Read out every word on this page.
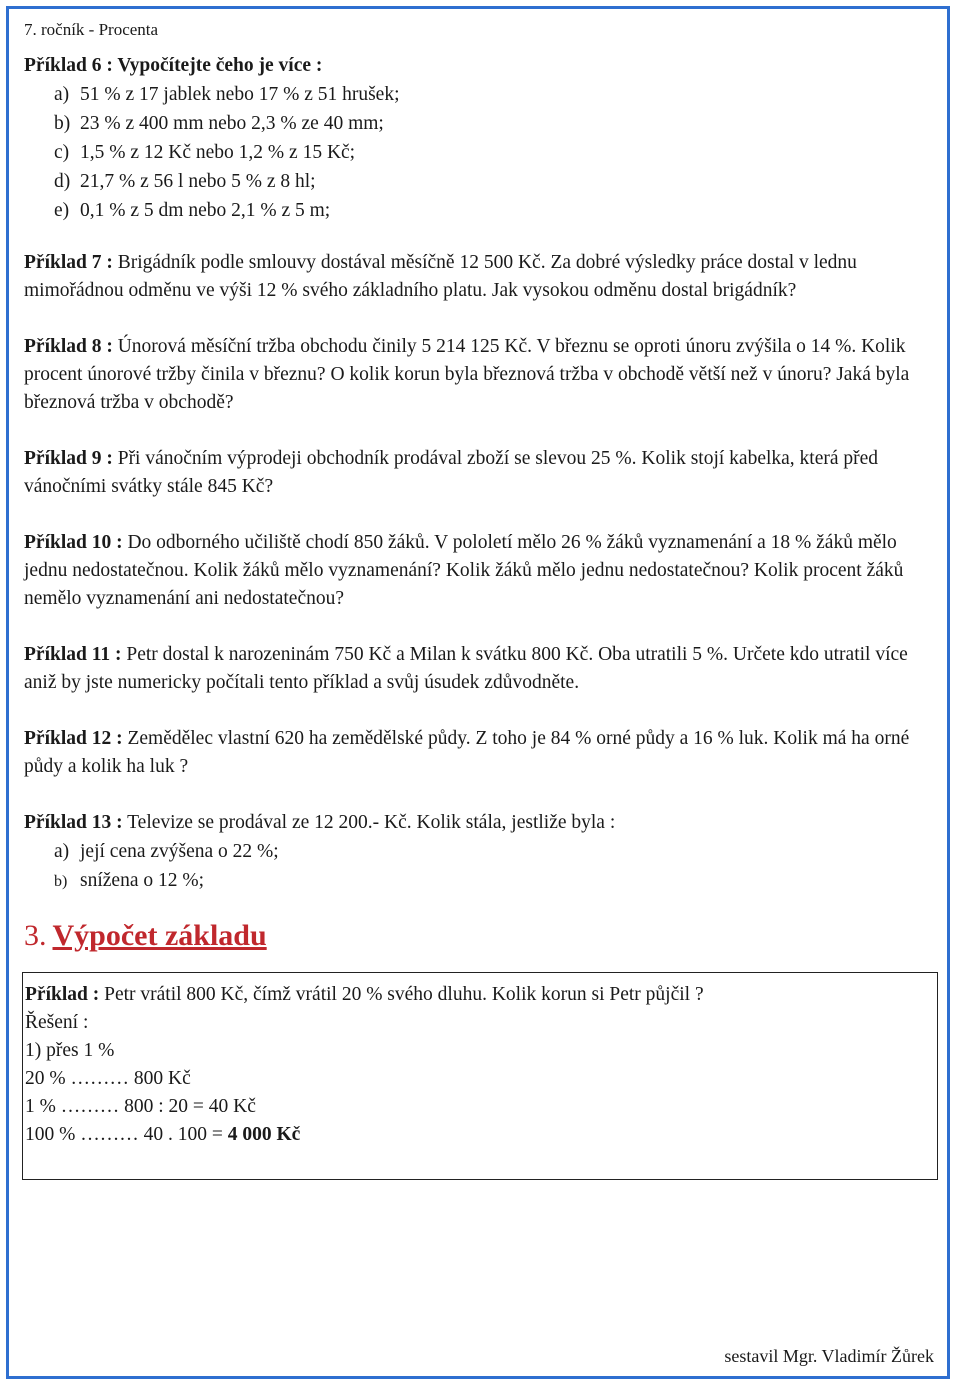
7. ročník - Procenta
Příklad 6 : Vypočítejte čeho je více :
a) 51 % z 17 jablek nebo 17 % z 51 hrušek;
b) 23 % z 400 mm nebo 2,3 % ze 40 mm;
c) 1,5 % z 12 Kč nebo 1,2 % z 15 Kč;
d) 21,7 % z 56 l nebo 5 % z 8 hl;
e) 0,1 % z 5 dm nebo 2,1 % z 5 m;
Příklad 7 : Brigádník podle smlouvy dostával měsíčně 12 500 Kč. Za dobré výsledky práce dostal v lednu mimořádnou odměnu ve výši 12 % svého základního platu. Jak vysokou odměnu dostal brigádník?
Příklad 8 : Únorová měsíční tržba obchodu činily 5 214 125 Kč. V březnu se oproti únoru zvýšila o 14 %. Kolik procent únorové tržby činila v březnu? O kolik korun byla březnová tržba v obchodě větší než v únoru? Jaká byla březnová tržba v obchodě?
Příklad 9 : Při vánočním výprodeji obchodník prodával zboží se slevou 25 %. Kolik stojí kabelka, která před vánočními svátky stále 845 Kč?
Příklad 10 : Do odborného učiliště chodí 850 žáků. V pololetí mělo 26 % žáků vyznamenání a 18 % žáků mělo jednu nedostatečnou. Kolik žáků mělo vyznamenání? Kolik žáků mělo jednu nedostatečnou? Kolik procent žáků nemělo vyznamenání ani nedostatečnou?
Příklad 11 : Petr dostal k narozeninám 750 Kč a Milan k svátku 800 Kč. Oba utratili 5 %. Určete kdo utratil více aniž by jste numericky počítali tento příklad a svůj úsudek zdůvodněte.
Příklad 12 : Zemědělec vlastní 620 ha zemědělské půdy. Z toho je 84 % orné půdy a 16 % luk. Kolik má ha orné půdy a kolik ha luk ?
Příklad 13 : Televize se prodával ze 12 200.- Kč. Kolik stála, jestliže byla :
a) její cena zvýšena o 22 %;
b) snížena o 12 %;
3. Výpočet základu
Příklad : Petr vrátil 800 Kč, čímž vrátil 20 % svého dluhu. Kolik korun si Petr půjčil ?
Řešení :
1) přes 1 %
20 % ……… 800 Kč
1 % ……… 800 : 20 = 40 Kč
100 % ……… 40 . 100 = 4 000 Kč
sestavil Mgr. Vladimír Žůrek
